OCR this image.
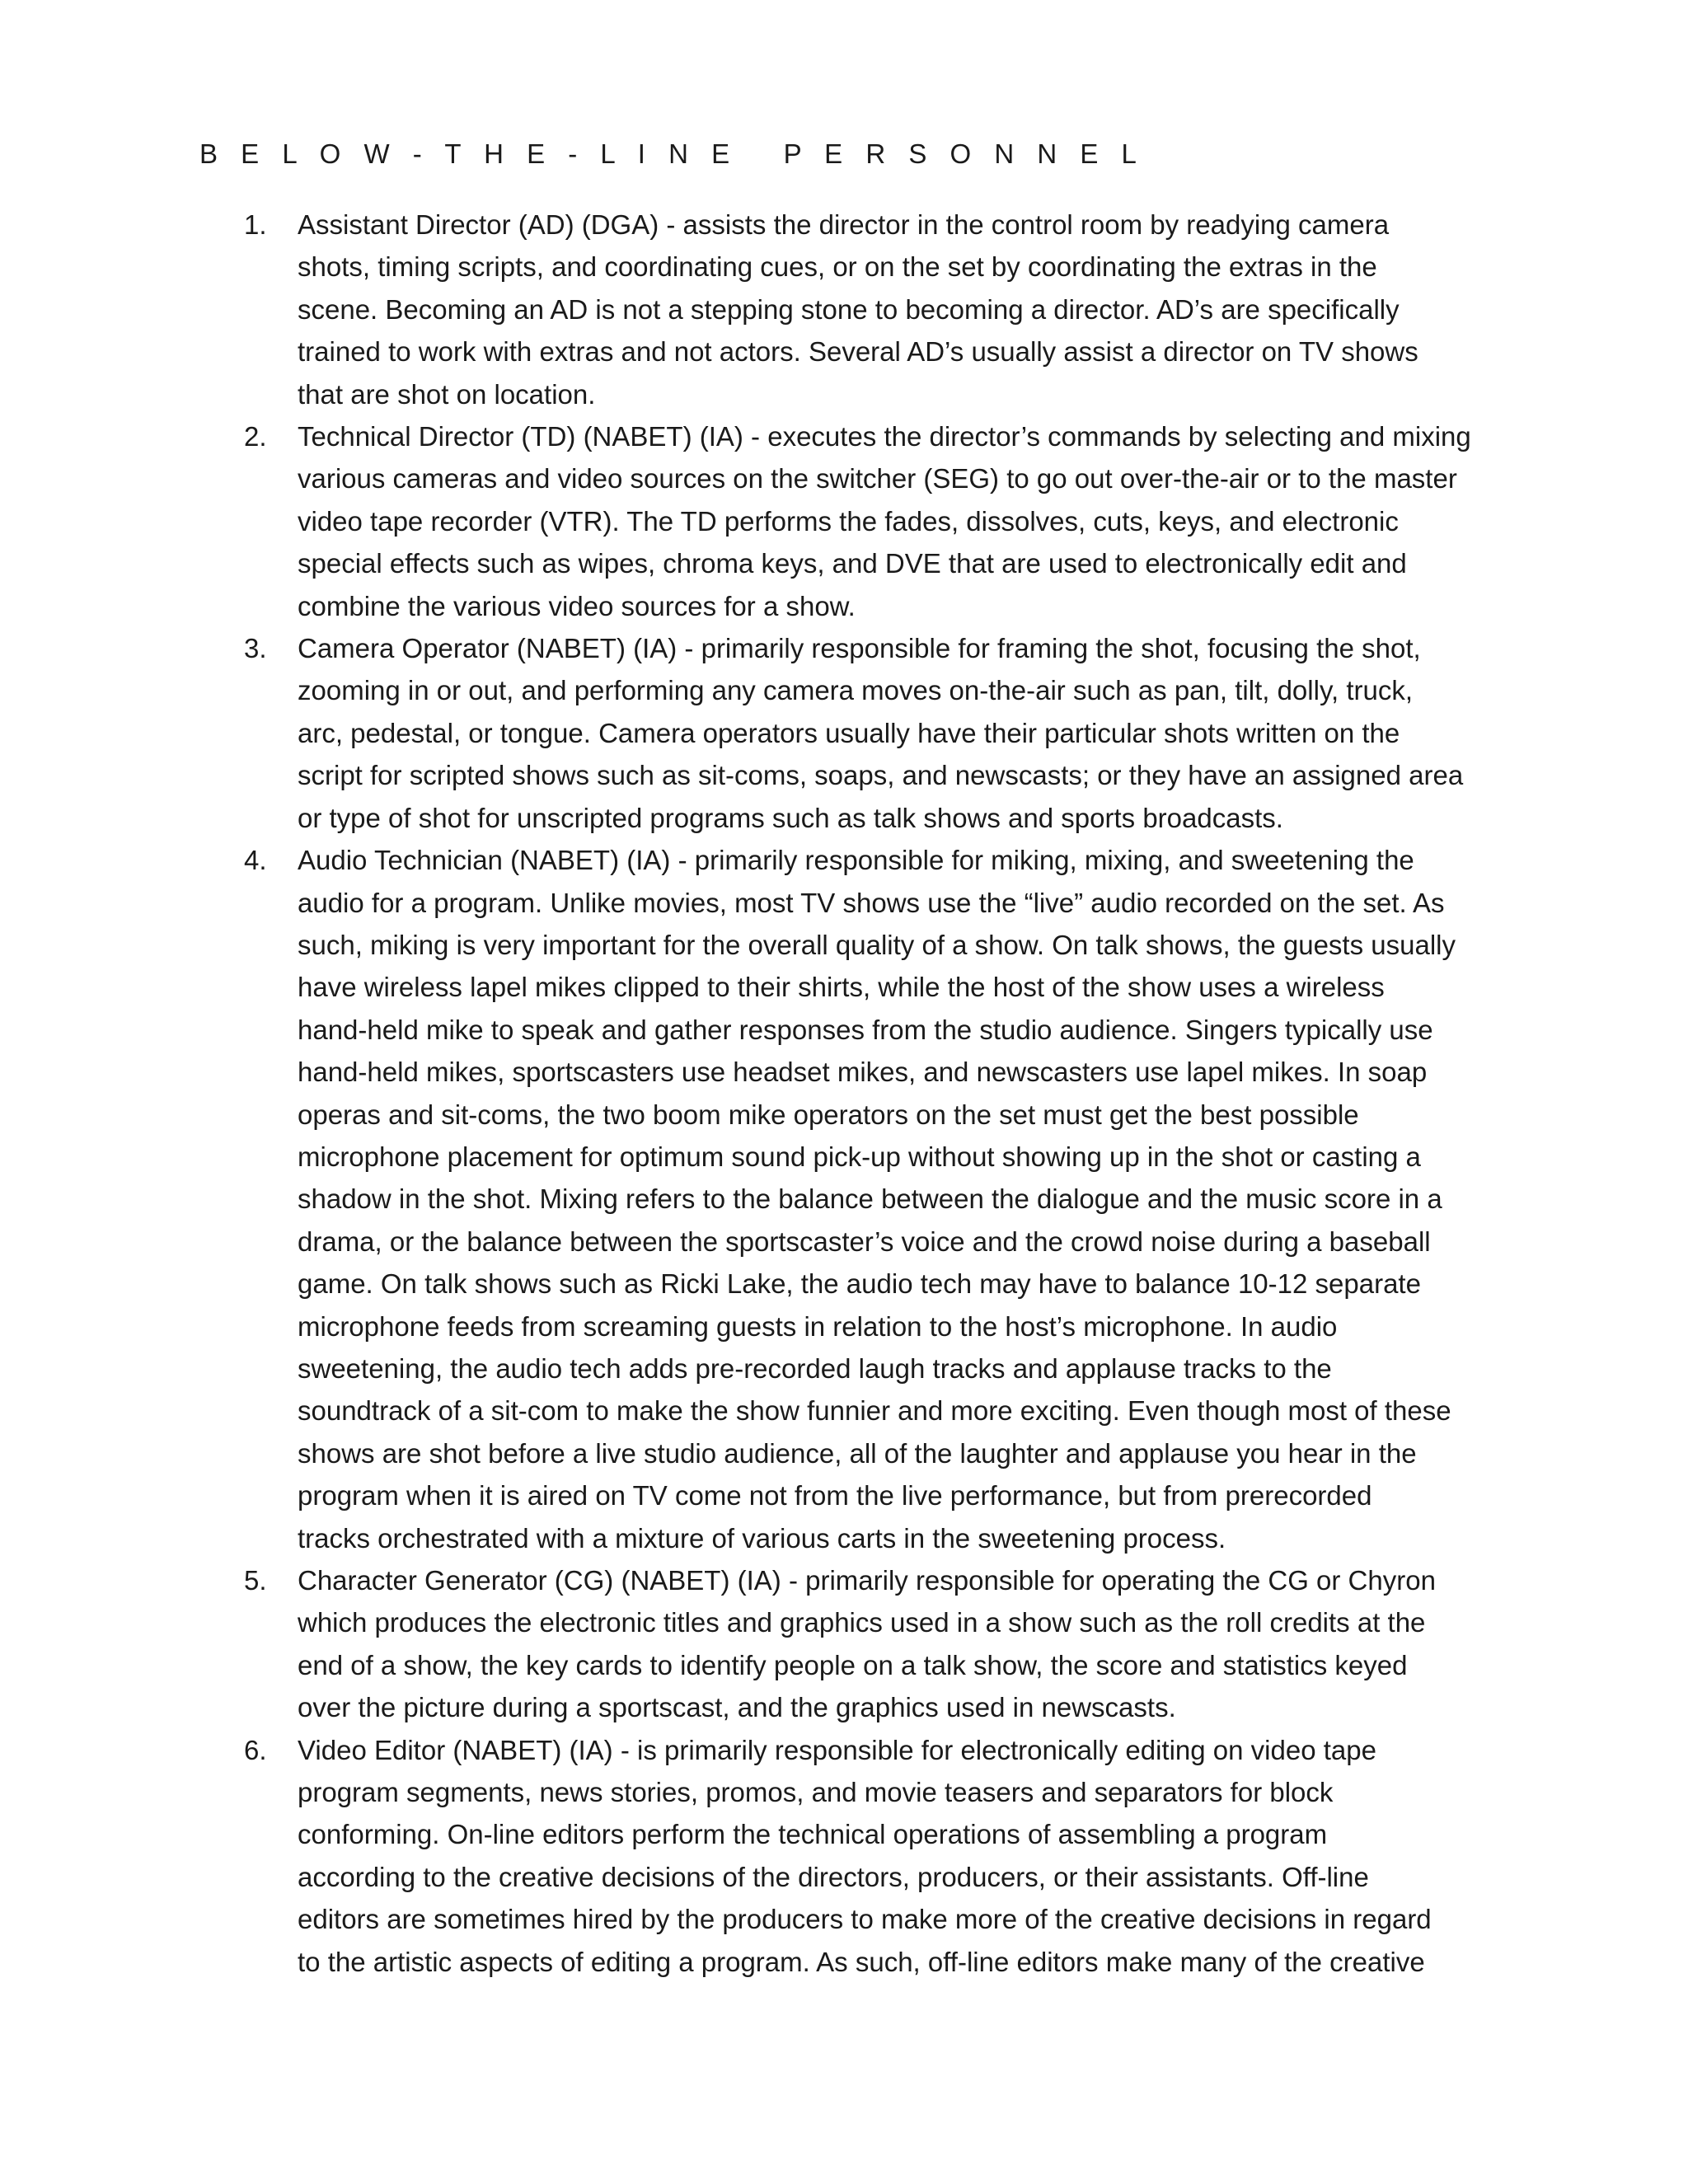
B E L O W - T H E - L I N E   P E R S O N N E L
1. Assistant Director (AD) (DGA) - assists the director in the control room by readying camera
shots, timing scripts, and coordinating cues, or on the set by coordinating the extras in the
scene. Becoming an AD is not a stepping stone to becoming a director. AD’s are specifically
trained to work with extras and not actors. Several AD’s usually assist a director on TV shows
that are shot on location.
2. Technical Director (TD) (NABET) (IA) - executes the director’s commands by selecting and mixing
various cameras and video sources on the switcher (SEG) to go out over-the-air or to the master
video tape recorder (VTR). The TD performs the fades, dissolves, cuts, keys, and electronic
special effects such as wipes, chroma keys, and DVE that are used to electronically edit and
combine the various video sources for a show.
3. Camera Operator (NABET) (IA) - primarily responsible for framing the shot, focusing the shot,
zooming in or out, and performing any camera moves on-the-air such as pan, tilt, dolly, truck,
arc, pedestal, or tongue. Camera operators usually have their particular shots written on the
script for scripted shows such as sit-coms, soaps, and newscasts; or they have an assigned area
or type of shot for unscripted programs such as talk shows and sports broadcasts.
4. Audio Technician (NABET) (IA) - primarily responsible for miking, mixing, and sweetening the
audio for a program. Unlike movies, most TV shows use the “live” audio recorded on the set. As
such, miking is very important for the overall quality of a show. On talk shows, the guests usually
have wireless lapel mikes clipped to their shirts, while the host of the show uses a wireless
hand-held mike to speak and gather responses from the studio audience. Singers typically use
hand-held mikes, sportscasters use headset mikes, and newscasters use lapel mikes. In soap
operas and sit-coms, the two boom mike operators on the set must get the best possible
microphone placement for optimum sound pick-up without showing up in the shot or casting a
shadow in the shot. Mixing refers to the balance between the dialogue and the music score in a
drama, or the balance between the sportscaster’s voice and the crowd noise during a baseball
game. On talk shows such as Ricki Lake, the audio tech may have to balance 10-12 separate
microphone feeds from screaming guests in relation to the host’s microphone. In audio
sweetening, the audio tech adds pre-recorded laugh tracks and applause tracks to the
soundtrack of a sit-com to make the show funnier and more exciting. Even though most of these
shows are shot before a live studio audience, all of the laughter and applause you hear in the
program when it is aired on TV come not from the live performance, but from prerecorded
tracks orchestrated with a mixture of various carts in the sweetening process.
5. Character Generator (CG) (NABET) (IA) - primarily responsible for operating the CG or Chyron
which produces the electronic titles and graphics used in a show such as the roll credits at the
end of a show, the key cards to identify people on a talk show, the score and statistics keyed
over the picture during a sportscast, and the graphics used in newscasts.
6. Video Editor (NABET) (IA) - is primarily responsible for electronically editing on video tape
program segments, news stories, promos, and movie teasers and separators for block
conforming. On-line editors perform the technical operations of assembling a program
according to the creative decisions of the directors, producers, or their assistants. Off-line
editors are sometimes hired by the producers to make more of the creative decisions in regard
to the artistic aspects of editing a program. As such, off-line editors make many of the creative
